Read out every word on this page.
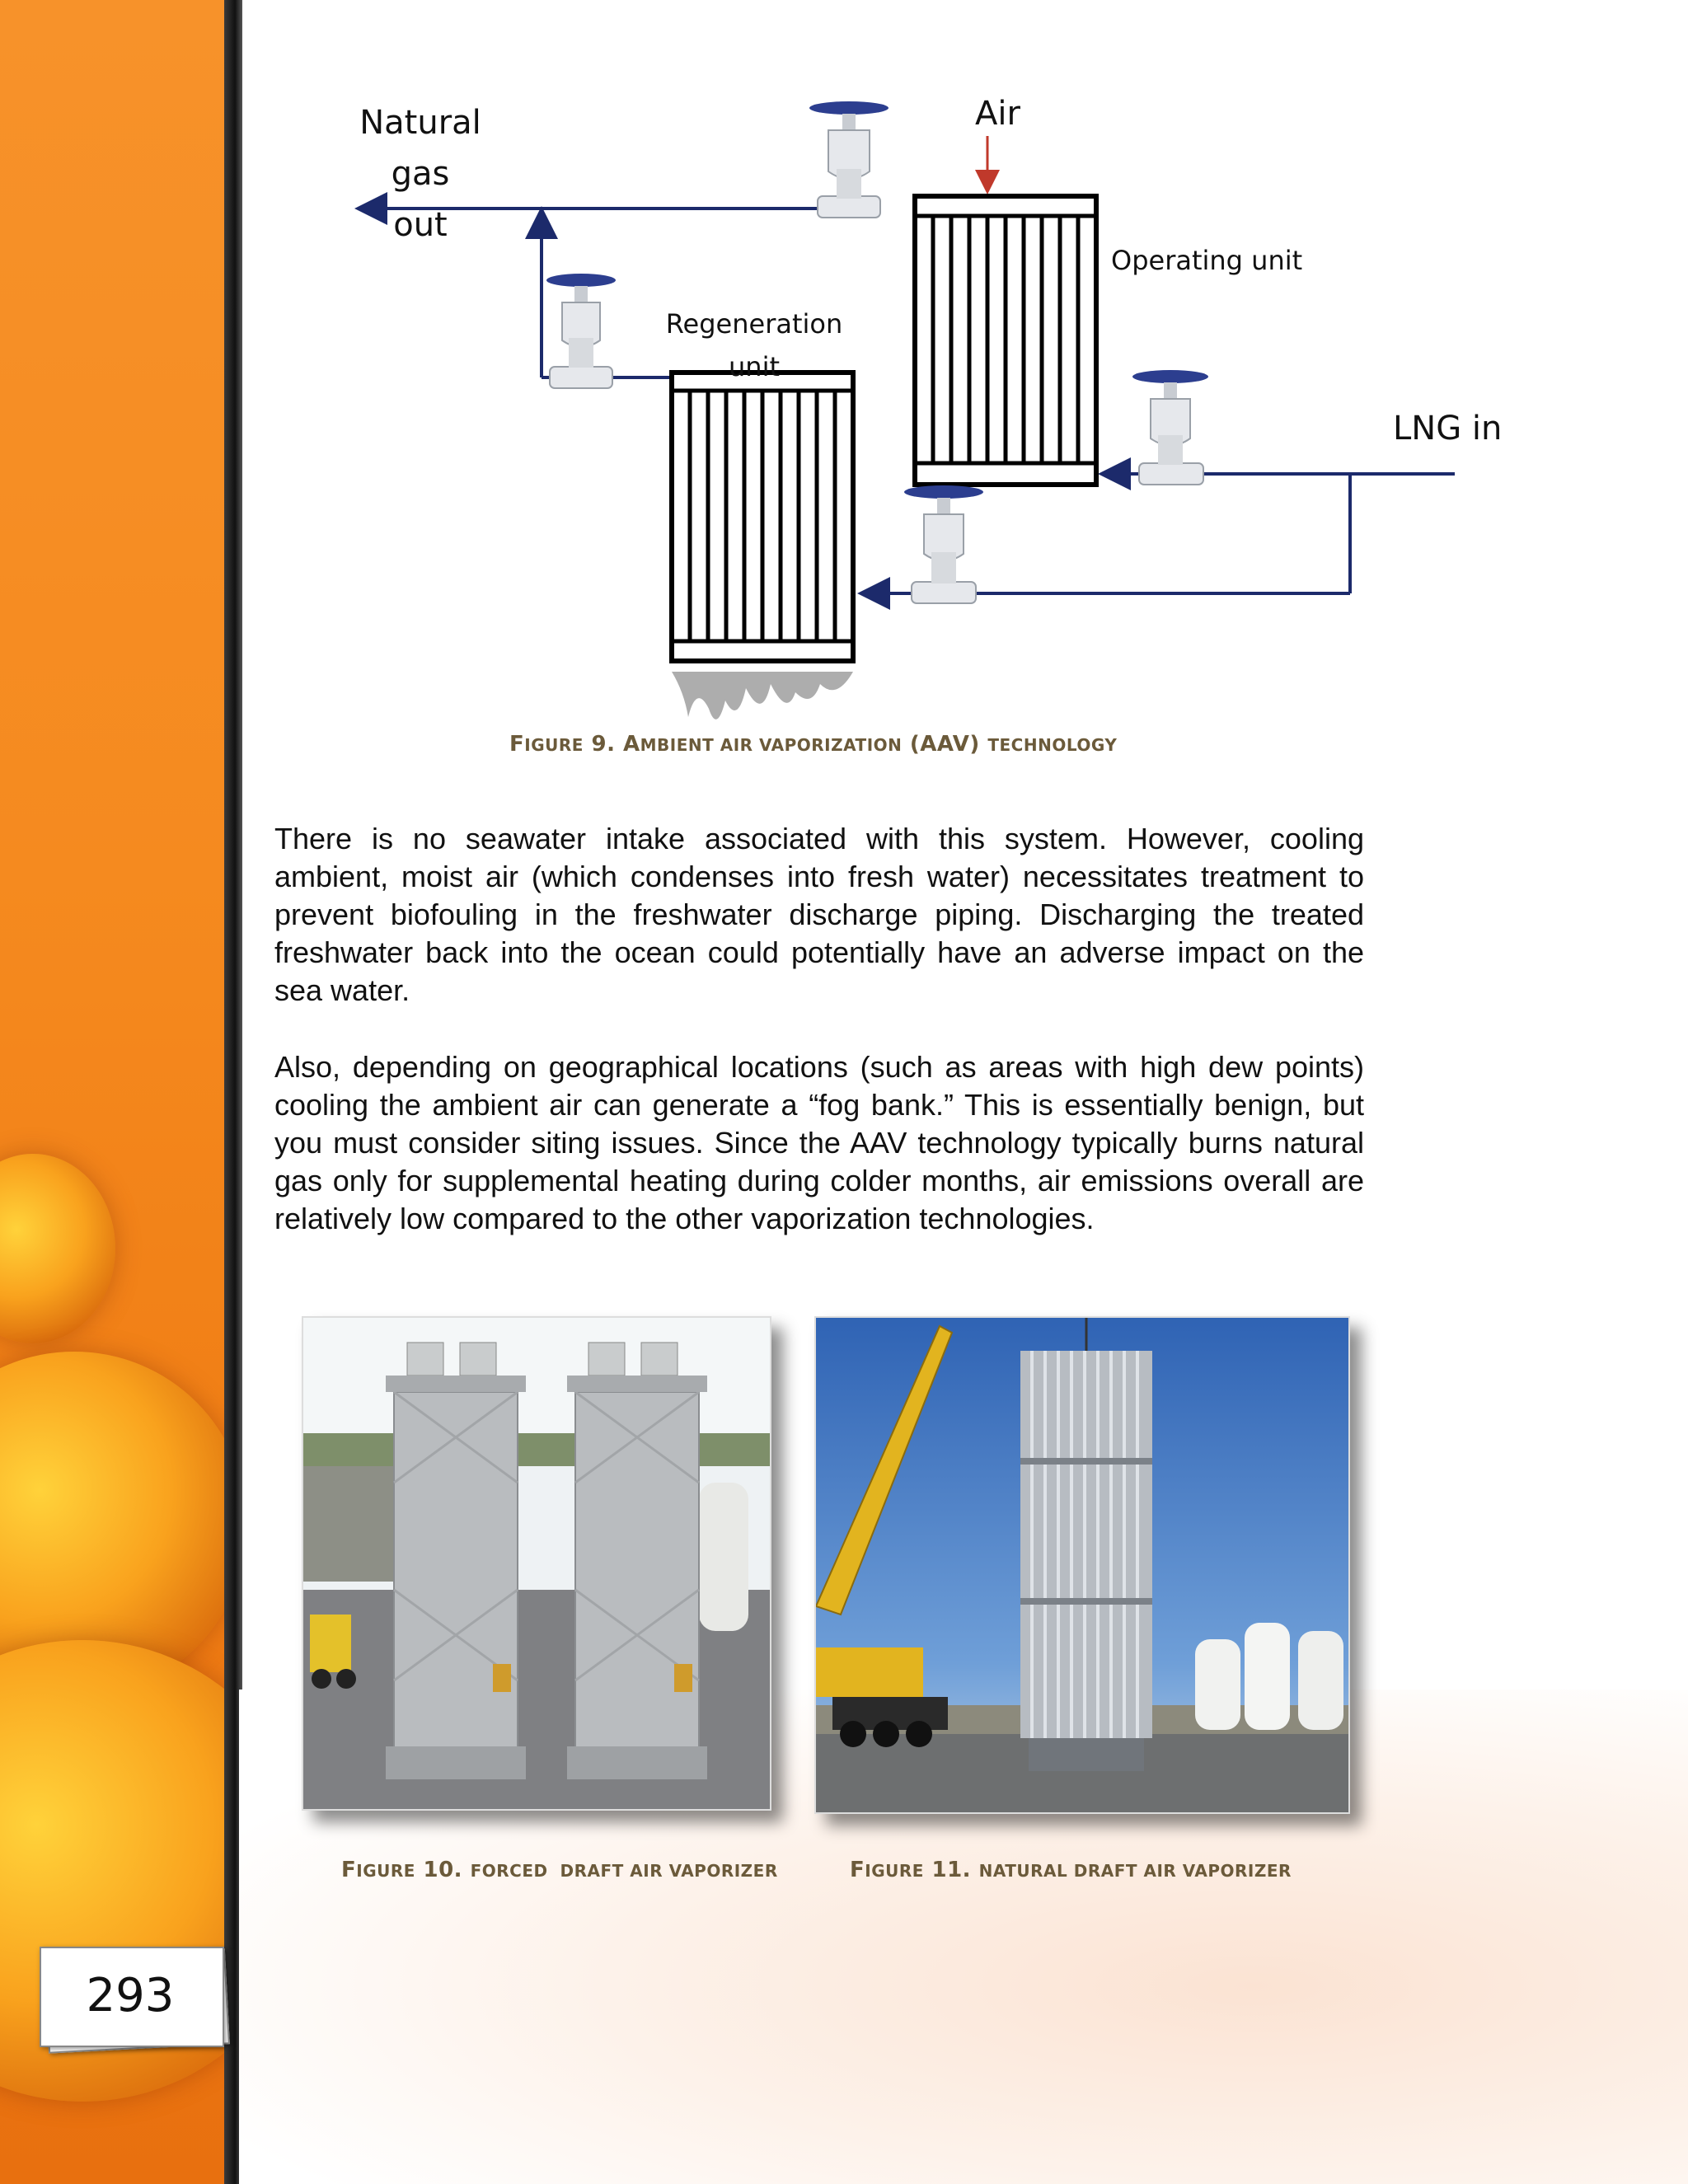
Natural gas
out
Air
Operating unit
Regeneration
unit
LNG in
FIGURE 9. AMBIENT AIR VAPORIZATION (AAV) TECHNOLOGY

There is no seawater intake associated with this system. However, cooling ambient, moist air (which condenses into fresh water) necessitates treatment to prevent biofouling in the freshwater discharge piping. Discharging the treated freshwater back into the ocean could potentially have an adverse impact on the sea water.

Also, depending on geographical locations (such as areas with high dew points) cooling the ambient air can generate a “fog bank.” This is essentially benign, but you must consider siting issues. Since the AAV technology typically burns natural gas only for supplemental heating during colder months, air emissions overall are relatively low compared to the other vaporization technologies.

FIGURE 10. FORCED  DRAFT AIR VAPORIZER	FIGURE 11. NATURAL DRAFT AIR VAPORIZER
293
